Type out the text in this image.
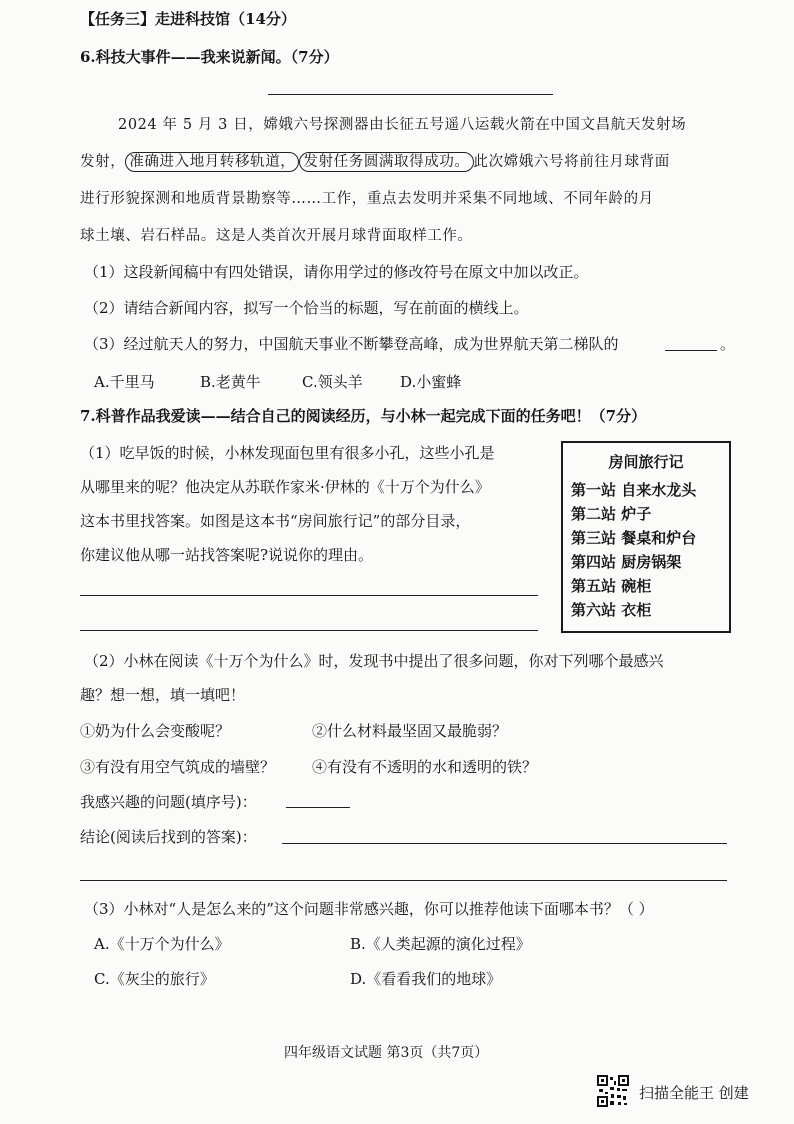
【任务三】走进科技馆（14分）
6.科技大事件——我来说新闻。（7分）
2024 年 5 月 3 日，嫦娥六号探测器由长征五号遥八运载火箭在中国文昌航天发射场
发射， 准确进入地月转移轨道， 发射任务圆满取得成功。 此次嫦娥六号将前往月球背面
进行形貌探测和地质背景勘察等……工作，重点去发明并采集不同地域、不同年龄的月
球土壤、岩石样品。这是人类首次开展月球背面取样工作。
（1）这段新闻稿中有四处错误，请你用学过的修改符号在原文中加以改正。
（2）请结合新闻内容，拟写一个恰当的标题，写在前面的横线上。
（3）经过航天人的努力，中国航天事业不断攀登高峰，成为世界航天第二梯队的	。
A.千里马	B.老黄牛	C.领头羊 D.小蜜蜂
7.科普作品我爱读——结合自己的阅读经历，与小林一起完成下面的任务吧！（7分）
（1）吃早饭的时候，小林发现面包里有很多小孔，这些小孔是
从哪里来的呢？他决定从苏联作家米·伊林的《十万个为什么》
这本书里找答案。如图是这本书“房间旅行记”的部分目录，
你建议他从哪一站找答案呢?说说你的理由。
房间旅行记
第一站 自来水龙头
第二站 炉子
第三站 餐桌和炉台
第四站 厨房锅架
第五站 碗柜
第六站 衣柜
（2）小林在阅读《十万个为什么》时，发现书中提出了很多问题，你对下列哪个最感兴
趣？想一想，填一填吧！
①奶为什么会变酸呢？	②什么材料最坚固又最脆弱？
③有没有用空气筑成的墙壁？ ④有没有不透明的水和透明的铁？
我感兴趣的问题(填序号)：
结论(阅读后找到的答案)：
（3）小林对“人是怎么来的”这个问题非常感兴趣，你可以推荐他读下面哪本书？（ ）
A.《十万个为什么》	B.《人类起源的演化过程》
C.《灰尘的旅行》	D.《看看我们的地球》
四年级语文试题 第3页（共7页）
扫描全能王 创建
